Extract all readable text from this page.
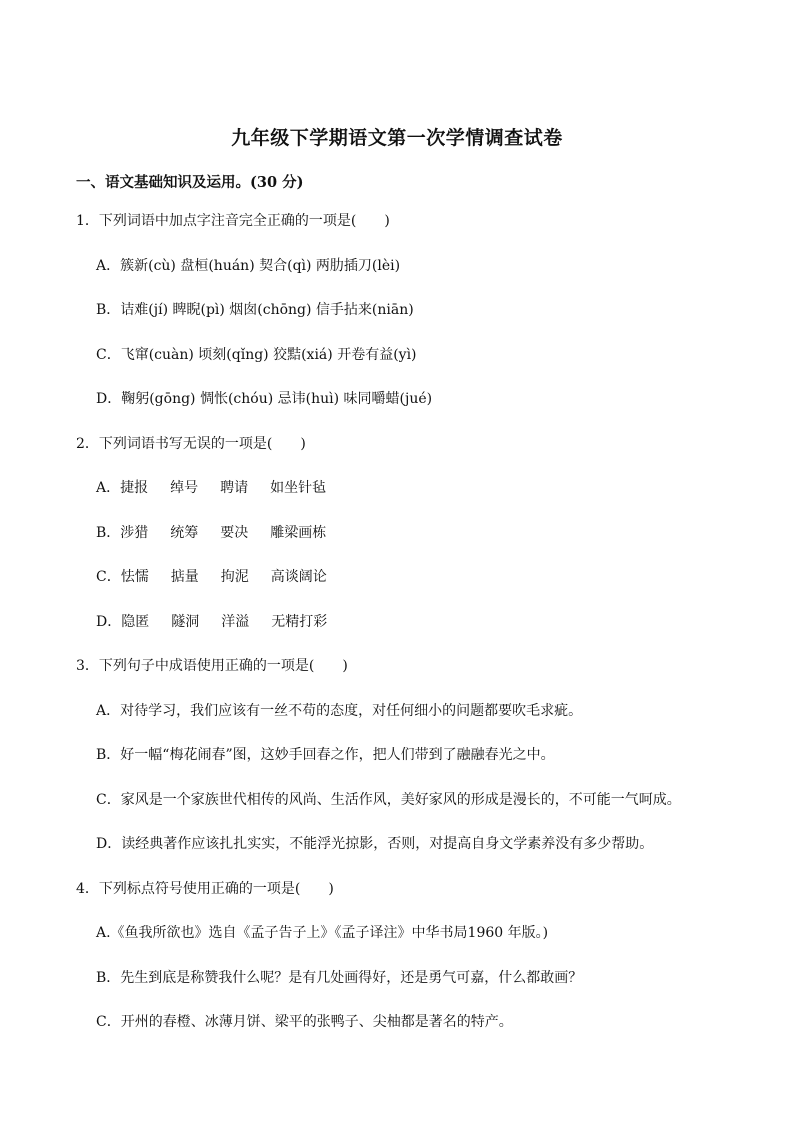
九年级下学期语文第一次学情调查试卷
一、语文基础知识及运用。(30 分)
1．下列词语中加点字注音完全正确的一项是(　　)
A．簇新(cù) 盘桓(huán) 契合(qì) 两肋插刀(lèi)
B．诘难(jí) 睥睨(pì) 烟囱(chōng) 信手拈来(niān)
C．飞窜(cuàn) 顷刻(qǐng) 狡黠(xiá) 开卷有益(yì)
D．鞠躬(gōng) 惆怅(chóu) 忌讳(huì) 味同嚼蜡(jué)
2．下列词语书写无误的一项是(　　)
A．捷报 绰号 聘请 如坐针毡
B．涉猎 统筹 要决 雕梁画栋
C．怯懦 掂量 拘泥 高谈阔论
D．隐匿 隧洞 洋溢 无精打彩
3．下列句子中成语使用正确的一项是(　　)
A．对待学习，我们应该有一丝不苟的态度，对任何细小的问题都要吹毛求疵。
B．好一幅“梅花闹春”图，这妙手回春之作，把人们带到了融融春光之中。
C．家风是一个家族世代相传的风尚、生活作风，美好家风的形成是漫长的，不可能一气呵成。
D．读经典著作应该扎扎实实，不能浮光掠影，否则，对提高自身文学素养没有多少帮助。
4．下列标点符号使用正确的一项是(　　)
A.《鱼我所欲也》选自《孟子告子上》《孟子译注》中华书局1960 年版。)
B．先生到底是称赞我什么呢？是有几处画得好，还是勇气可嘉，什么都敢画？
C．开州的春橙、冰薄月饼、梁平的张鸭子、尖柚都是著名的特产。
